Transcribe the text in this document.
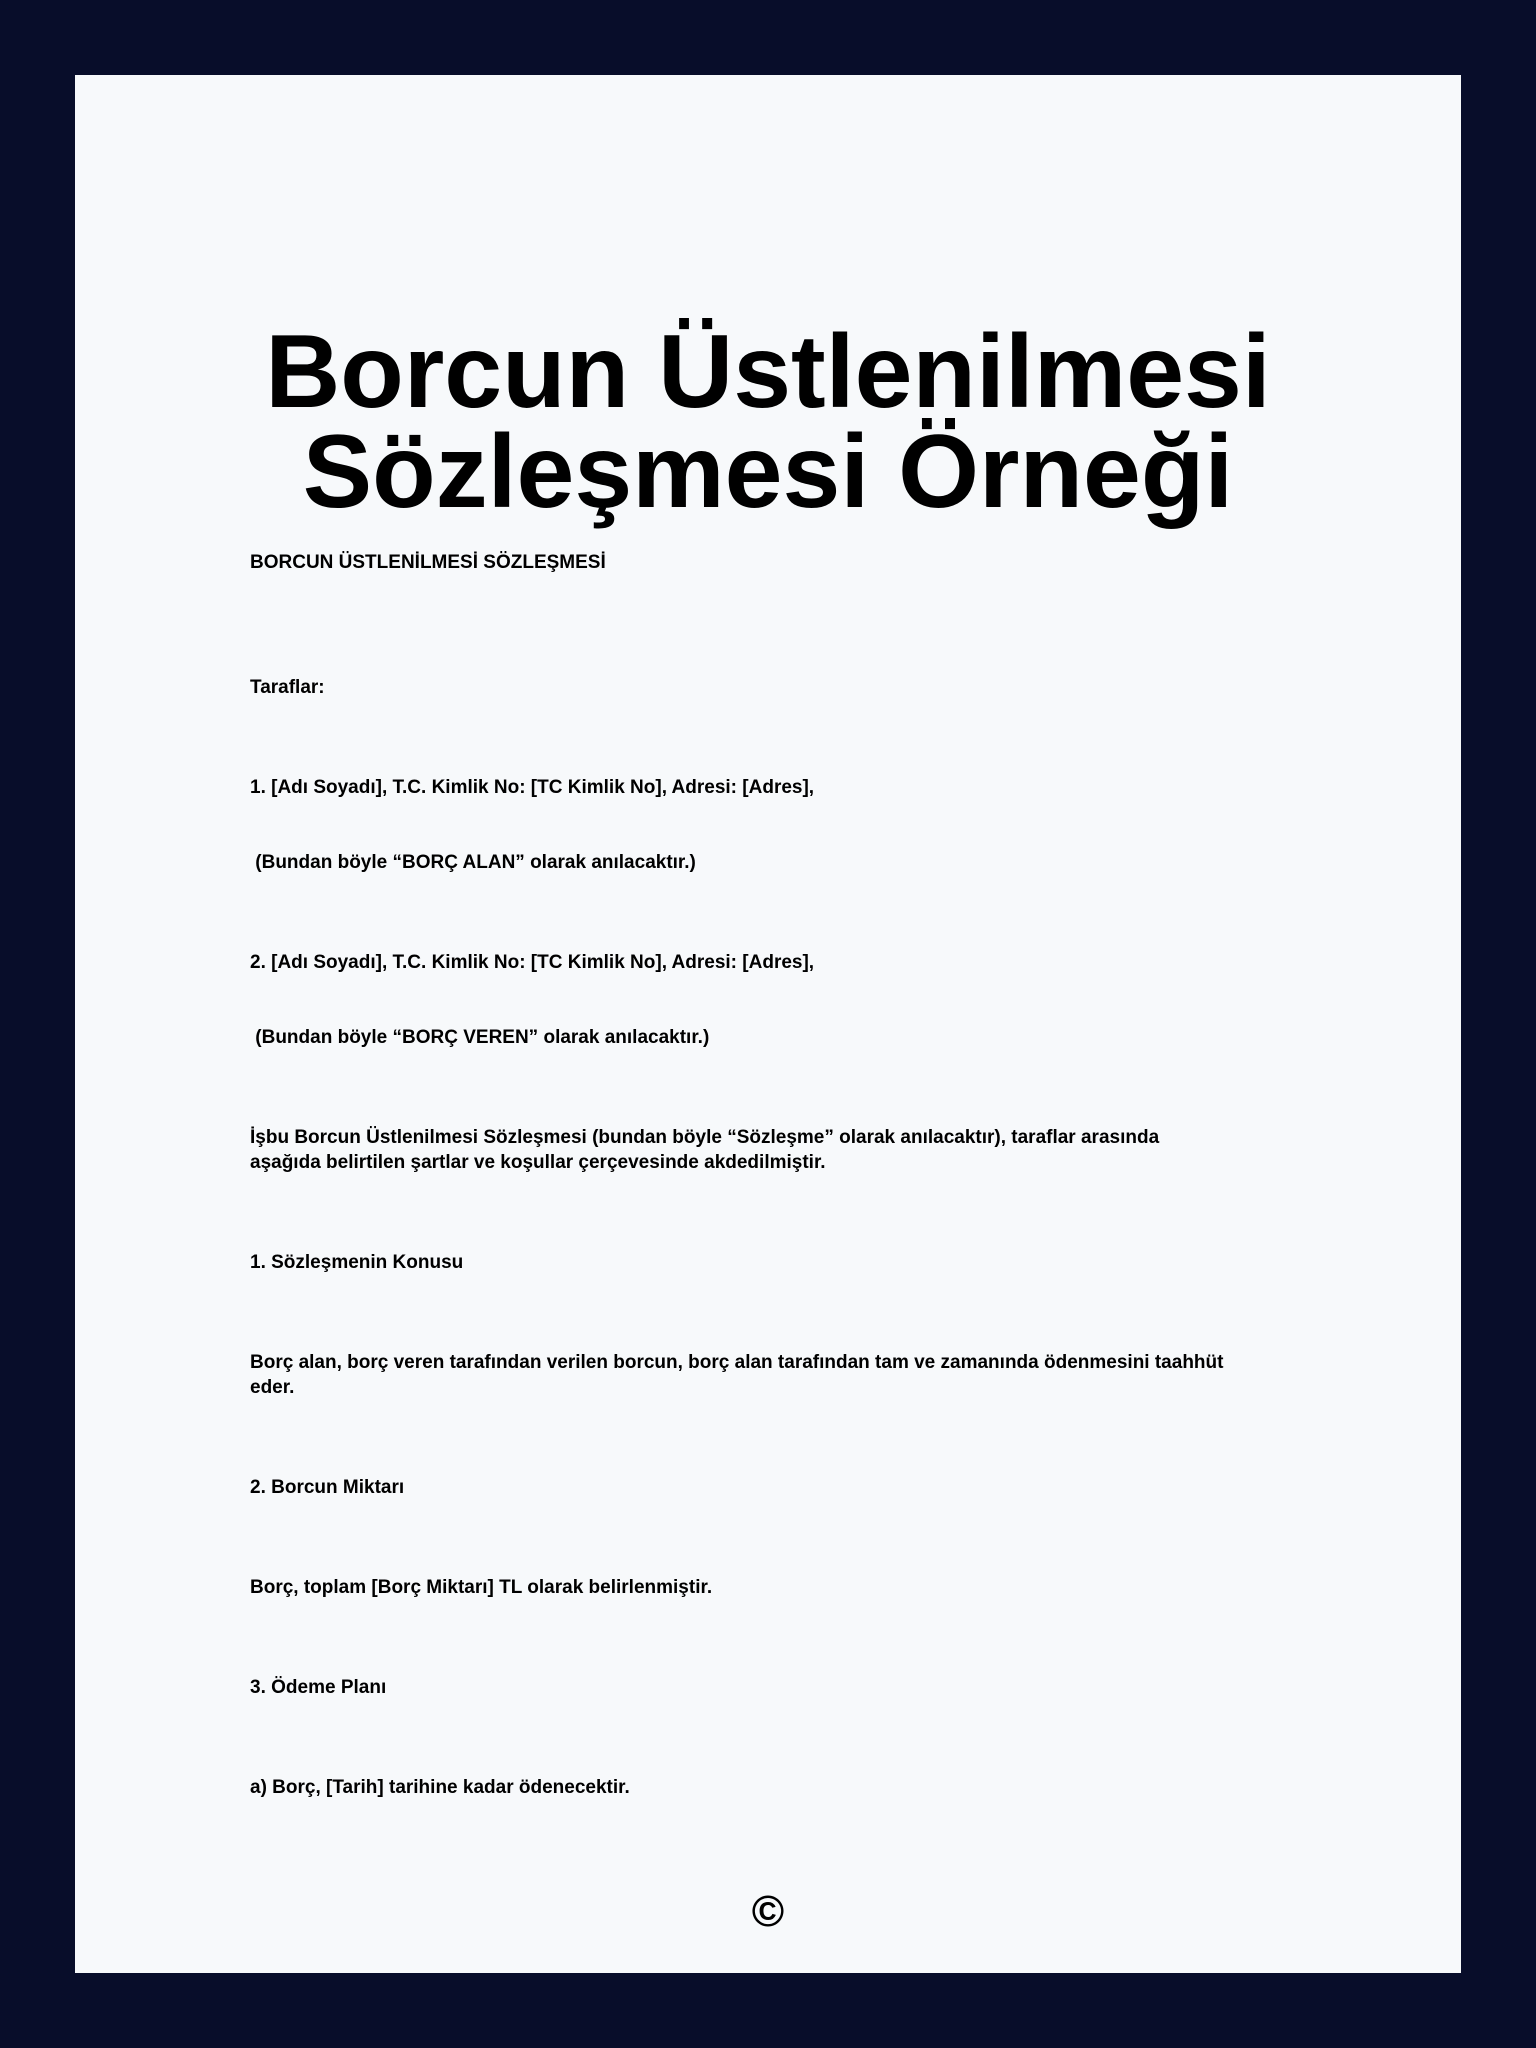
Borcun Üstlenilmesi
Sözleşmesi Örneği
BORCUN ÜSTLENİLMESİ SÖZLEŞMESİ
Taraflar:
1. [Adı Soyadı], T.C. Kimlik No: [TC Kimlik No], Adresi: [Adres],
(Bundan böyle “BORÇ ALAN” olarak anılacaktır.)
2. [Adı Soyadı], T.C. Kimlik No: [TC Kimlik No], Adresi: [Adres],
(Bundan böyle “BORÇ VEREN” olarak anılacaktır.)
İşbu Borcun Üstlenilmesi Sözleşmesi (bundan böyle “Sözleşme” olarak anılacaktır), taraflar arasında
aşağıda belirtilen şartlar ve koşullar çerçevesinde akdedilmiştir.
1. Sözleşmenin Konusu
Borç alan, borç veren tarafından verilen borcun, borç alan tarafından tam ve zamanında ödenmesini taahhüt
eder.
2. Borcun Miktarı
Borç, toplam [Borç Miktarı] TL olarak belirlenmiştir.
3. Ödeme Planı
a) Borç, [Tarih] tarihine kadar ödenecektir.
©
